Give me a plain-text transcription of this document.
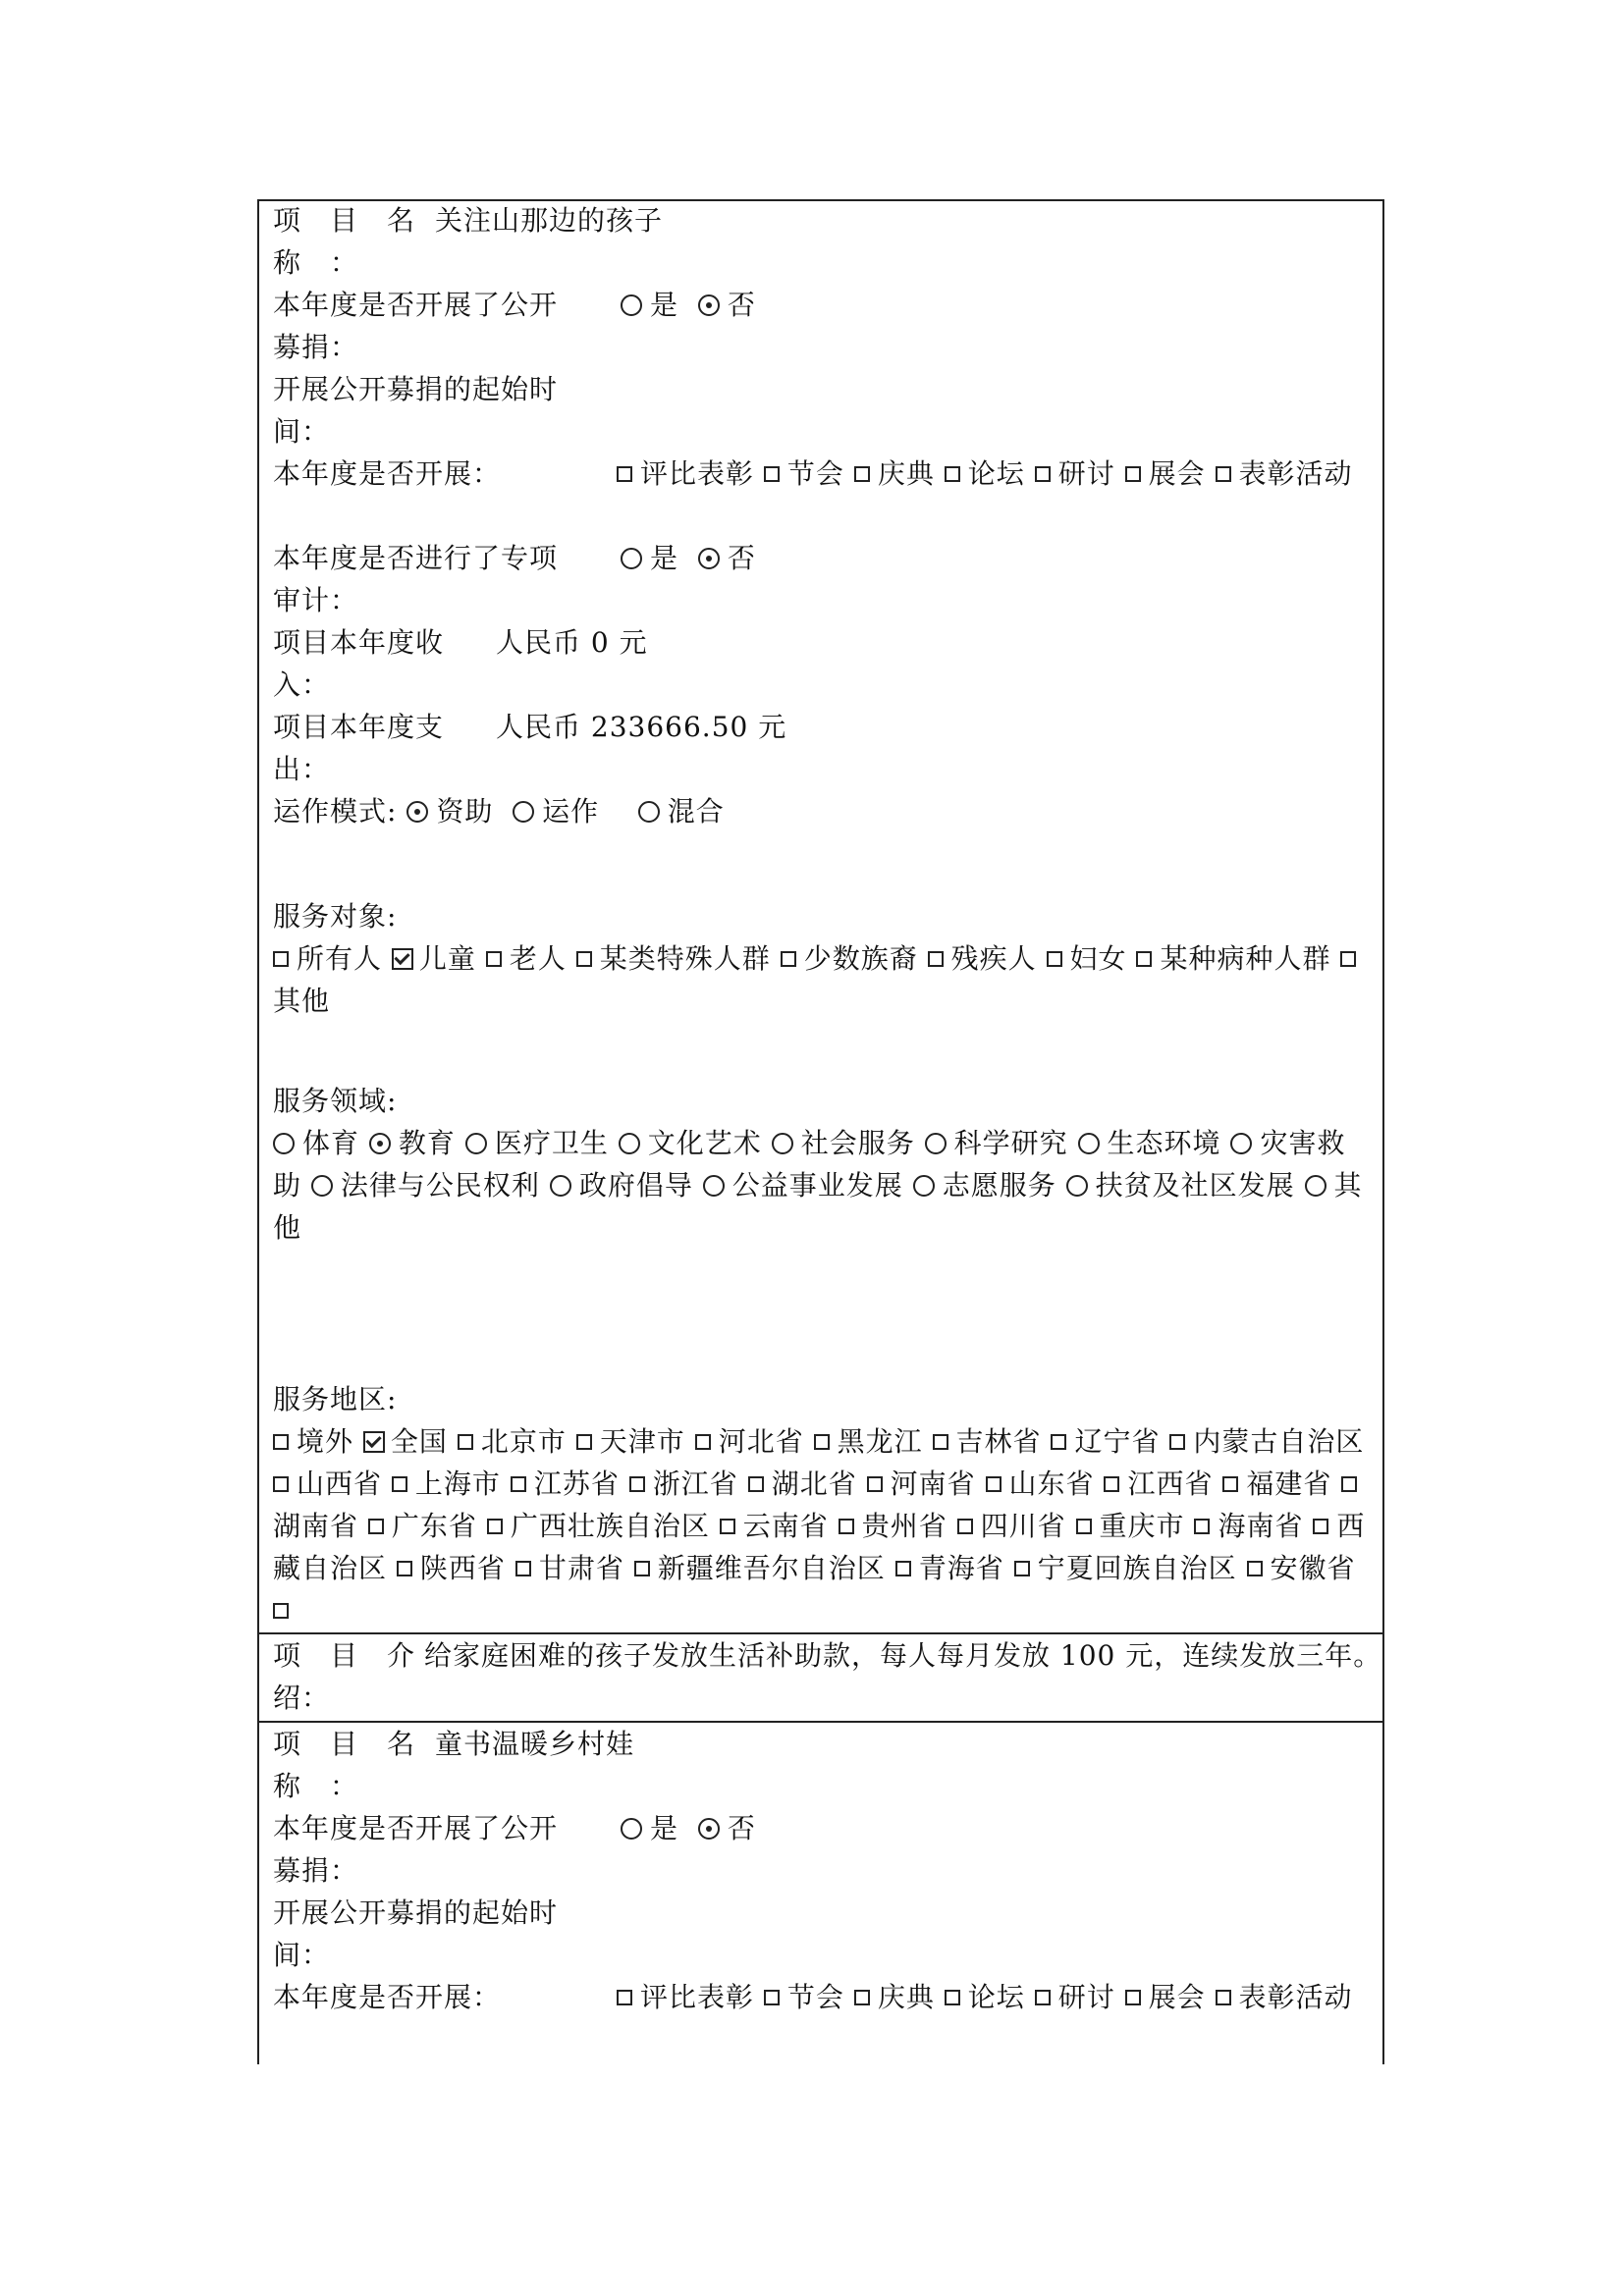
项　目　名 关注山那边的孩子
称　：
本年度是否开展了公开	是 否
募捐：
开展公开募捐的起始时
间：
本年度是否开展：	评比表彰 节会 庆典 论坛 研讨 展会 表彰活动
本年度是否进行了专项	是 否
审计：
项目本年度收 人民币 0 元
入：
项目本年度支 人民币 233666.50 元
出：
运作模式: 资助 运作 混合
服务对象:
所有人 儿童 老人 某类特殊人群 少数族裔 残疾人 妇女 某种病种人群 其他
服务领域:
体育 教育 医疗卫生 文化艺术 社会服务 科学研究 生态环境 灾害救助 法律与公民权利 政府倡导 公益事业发展 志愿服务 扶贫及社区发展 其他
服务地区:
境外 全国 北京市 天津市 河北省 黑龙江 吉林省 辽宁省 内蒙古自治区 山西省 上海市 江苏省 浙江省 湖北省 河南省 山东省 江西省 福建省 湖南省 广东省 广西壮族自治区 云南省 贵州省 四川省 重庆市 海南省 西藏自治区 陕西省 甘肃省 新疆维吾尔自治区 青海省 宁夏回族自治区 安徽省
项　目　介 给家庭困难的孩子发放生活补助款，每人每月发放 100 元，连续发放三年。
绍：
项　目　名 童书温暖乡村娃
称　：
本年度是否开展了公开	是 否
募捐：
开展公开募捐的起始时
间：
本年度是否开展：	评比表彰 节会 庆典 论坛 研讨 展会 表彰活动
